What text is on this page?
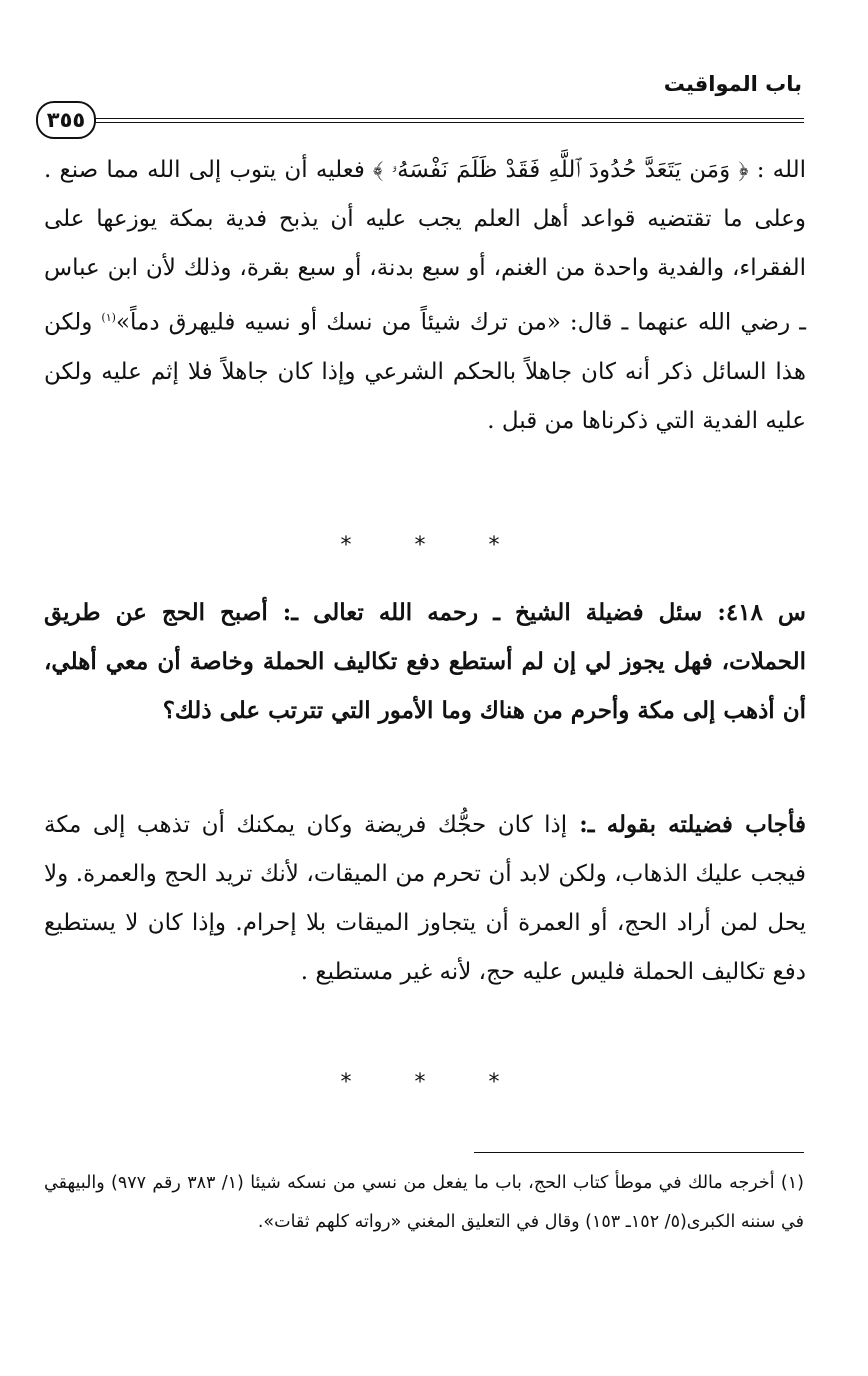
باب المواقيت
٣٥٥

الله : ﴿ وَمَن يَتَعَدَّ حُدُودَ ٱللَّهِ فَقَدْ ظَلَمَ نَفْسَهُۥ ﴾ فعليه أن يتوب إلى الله مما صنع . وعلى ما تقتضيه قواعد أهل العلم يجب عليه أن يذبح فدية بمكة يوزعها على الفقراء، والفدية واحدة من الغنم، أو سبع بدنة، أو سبع بقرة، وذلك لأن ابن عباس ـ رضي الله عنهما ـ قال: «من ترك شيئاً من نسك أو نسيه فليهرق دماً»$^{(١)}$ ولكن هذا السائل ذكر أنه كان جاهلاً بالحكم الشرعي وإذا كان جاهلاً فلا إثم عليه ولكن عليه الفدية التي ذكرناها من قبل .

* * *

س ٤١٨: سئل فضيلة الشيخ ـ رحمه الله تعالى ـ: أصبح الحج عن طريق الحملات، فهل يجوز لي إن لم أستطع دفع تكاليف الحملة وخاصة أن معي أهلي، أن أذهب إلى مكة وأحرم من هناك وما الأمور التي تترتب على ذلك؟

فأجاب فضيلته بقوله ـ: إذا كان حجُّك فريضة وكان يمكنك أن تذهب إلى مكة فيجب عليك الذهاب، ولكن لابد أن تحرم من الميقات، لأنك تريد الحج والعمرة. ولا يحل لمن أراد الحج، أو العمرة أن يتجاوز الميقات بلا إحرام. وإذا كان لا يستطيع دفع تكاليف الحملة فليس عليه حج، لأنه غير مستطيع .

* * *

(١) أخرجه مالك في موطأ كتاب الحج، باب ما يفعل من نسي من نسكه شيئا (١/ ٣٨٣ رقم ٩٧٧) والبيهقي في سننه الكبرى(٥/ ١٥٢ـ ١٥٣) وقال في التعليق المغني «رواته كلهم ثقات».
